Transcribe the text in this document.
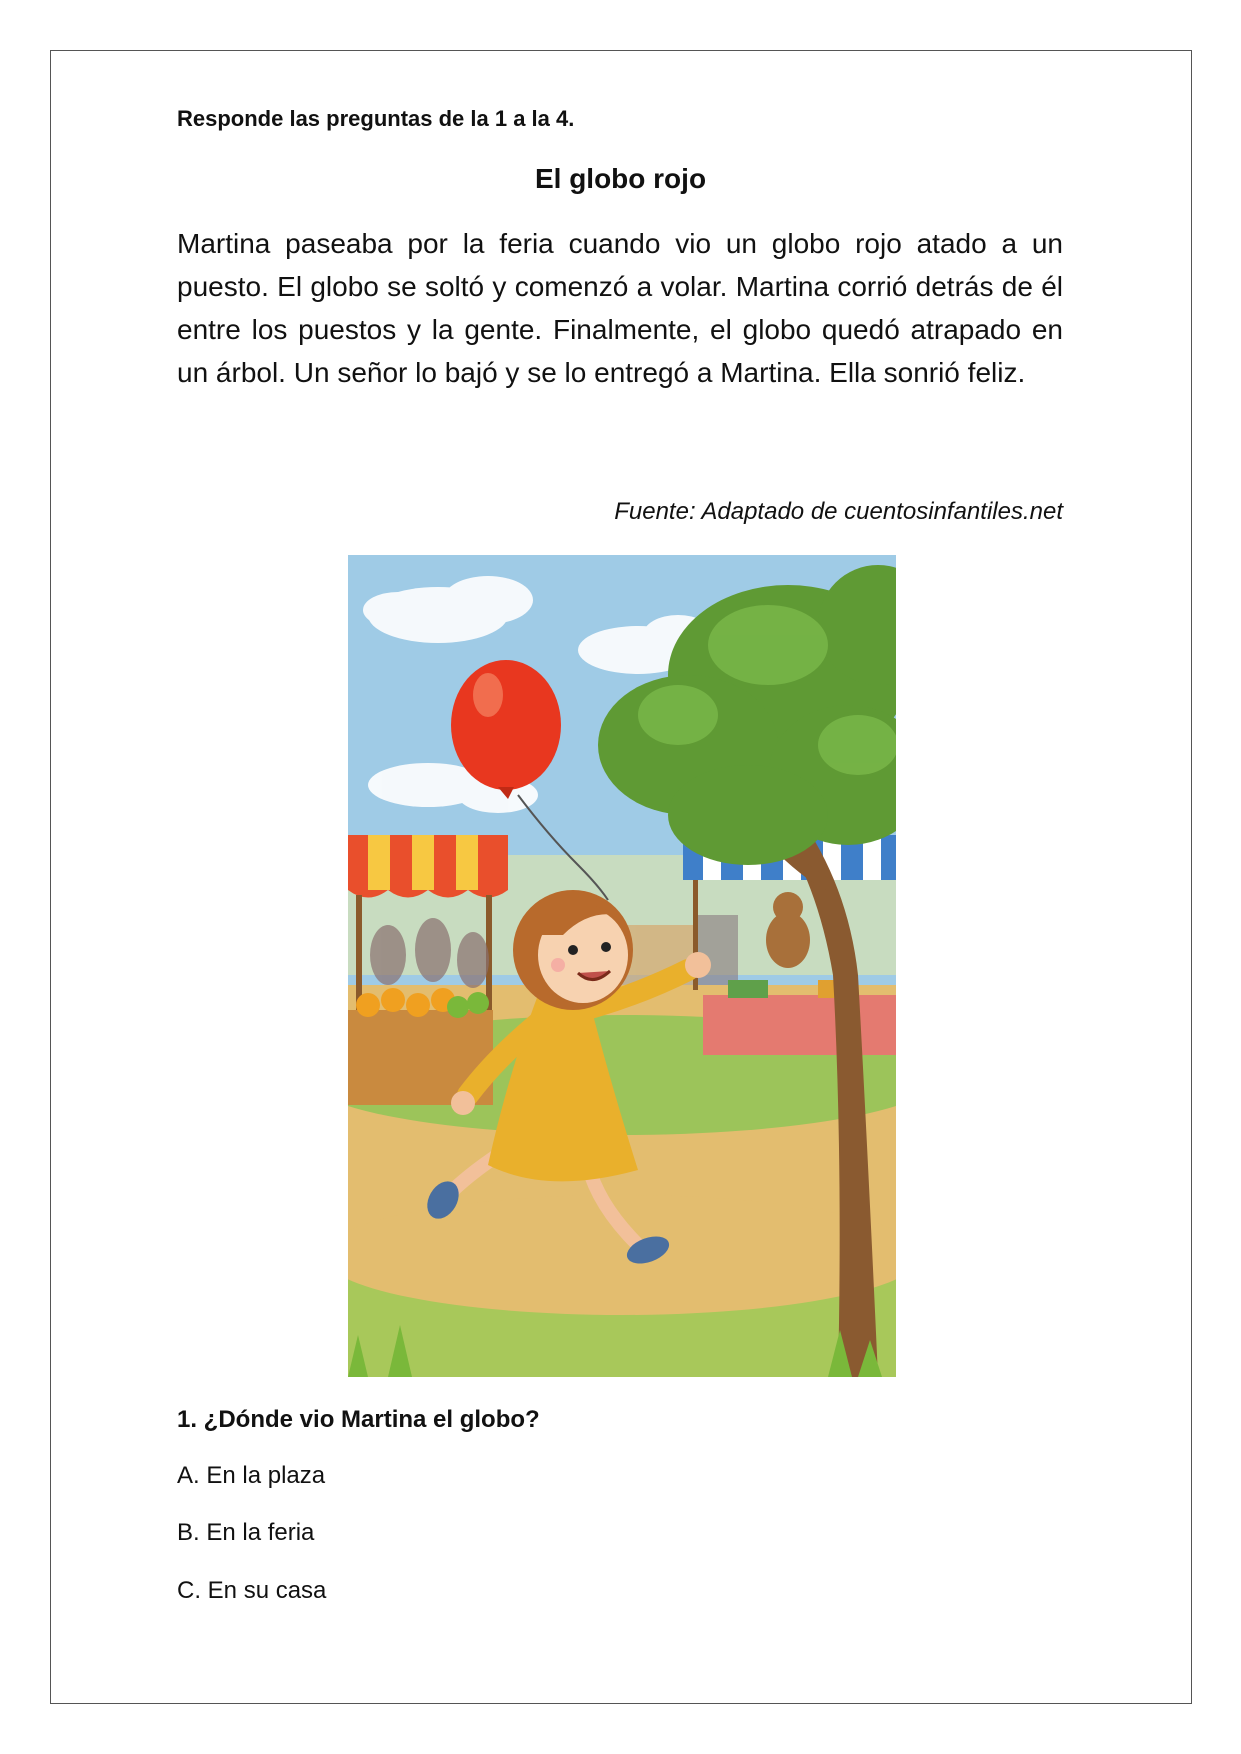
Responde las preguntas de la 1 a la 4.
El globo rojo

Martina paseaba por la feria cuando vio un globo rojo atado a un puesto. El globo se soltó y comenzó a volar. Martina corrió detrás de él entre los puestos y la gente. Finalmente, el globo quedó atrapado en un árbol. Un señor lo bajó y se lo entregó a Martina. Ella sonrió feliz.

Fuente: Adaptado de cuentosinfantiles.net
1. ¿Dónde vio Martina el globo?
A. En la plaza
B. En la feria
C. En su casa
